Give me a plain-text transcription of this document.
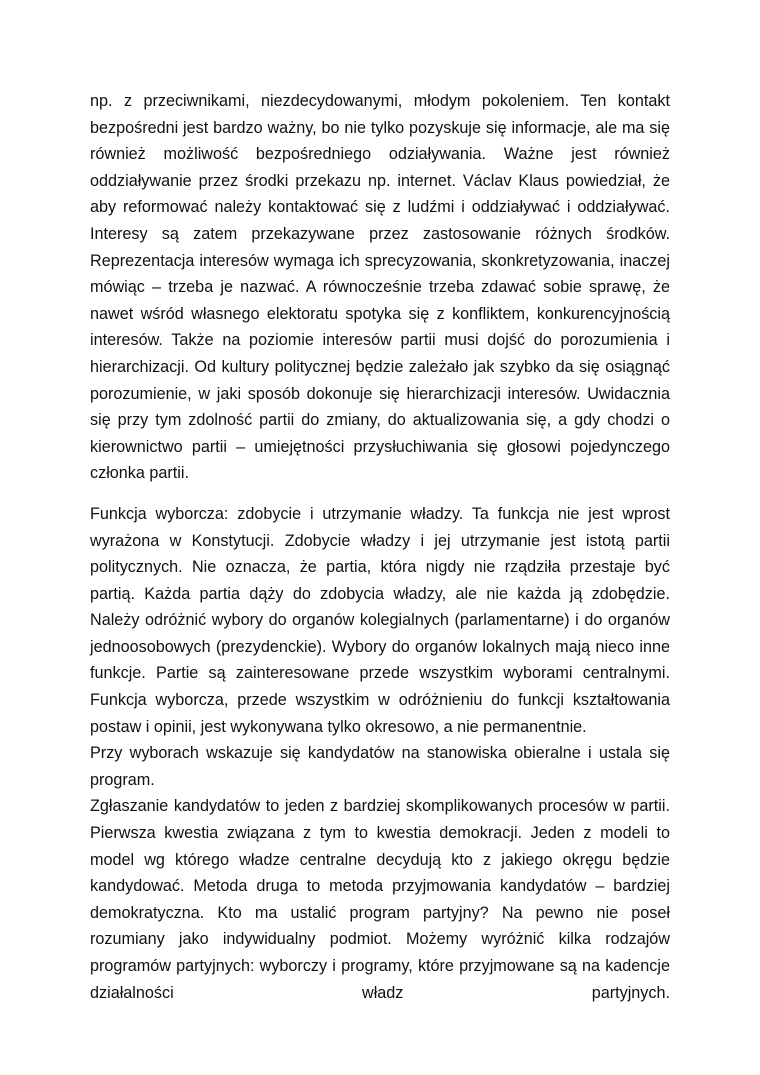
np. z przeciwnikami, niezdecydowanymi, młodym pokoleniem. Ten kontakt bezpośredni jest bardzo ważny, bo nie tylko pozyskuje się informacje, ale ma się również możliwość bezpośredniego odziaływania. Ważne jest również oddziaływanie przez środki przekazu np. internet. Václav Klaus powiedział, że aby reformować należy kontaktować się z ludźmi i oddziaływać i oddziaływać. Interesy są zatem przekazywane przez zastosowanie różnych środków. Reprezentacja interesów wymaga ich sprecyzowania, skonkretyzowania, inaczej mówiąc – trzeba je nazwać. A równocześnie trzeba zdawać sobie sprawę, że nawet wśród własnego elektoratu spotyka się z konfliktem, konkurencyjnością interesów. Także na poziomie interesów partii musi dojść do porozumienia i hierarchizacji. Od kultury politycznej będzie zależało jak szybko da się osiągnąć porozumienie, w jaki sposób dokonuje się hierarchizacji interesów. Uwidacznia się przy tym zdolność partii do zmiany, do aktualizowania się, a gdy chodzi o kierownictwo partii – umiejętności przysłuchiwania się głosowi pojedynczego członka partii.

Funkcja wyborcza: zdobycie i utrzymanie władzy. Ta funkcja nie jest wprost wyrażona w Konstytucji. Zdobycie władzy i jej utrzymanie jest istotą partii politycznych. Nie oznacza, że partia, która nigdy nie rządziła przestaje być partią. Każda partia dąży do zdobycia władzy, ale nie każda ją zdobędzie. Należy odróżnić wybory do organów kolegialnych (parlamentarne) i do organów jednoosobowych (prezydenckie). Wybory do organów lokalnych mają nieco inne funkcje. Partie są zainteresowane przede wszystkim wyborami centralnymi. Funkcja wyborcza, przede wszystkim w odróżnieniu do funkcji kształtowania postaw i opinii, jest wykonywana tylko okresowo, a nie permanentnie.

Przy wyborach wskazuje się kandydatów na stanowiska obieralne i ustala się program.

Zgłaszanie kandydatów to jeden z bardziej skomplikowanych procesów w partii. Pierwsza kwestia związana z tym to kwestia demokracji. Jeden z modeli to model wg którego władze centralne decydują kto z jakiego okręgu będzie kandydować. Metoda druga to metoda przyjmowania kandydatów – bardziej demokratyczna. Kto ma ustalić program partyjny? Na pewno nie poseł rozumiany jako indywidualny podmiot. Możemy wyróżnić kilka rodzajów programów partyjnych: wyborczy i programy, które przyjmowane są na kadencje działalności władz partyjnych.
